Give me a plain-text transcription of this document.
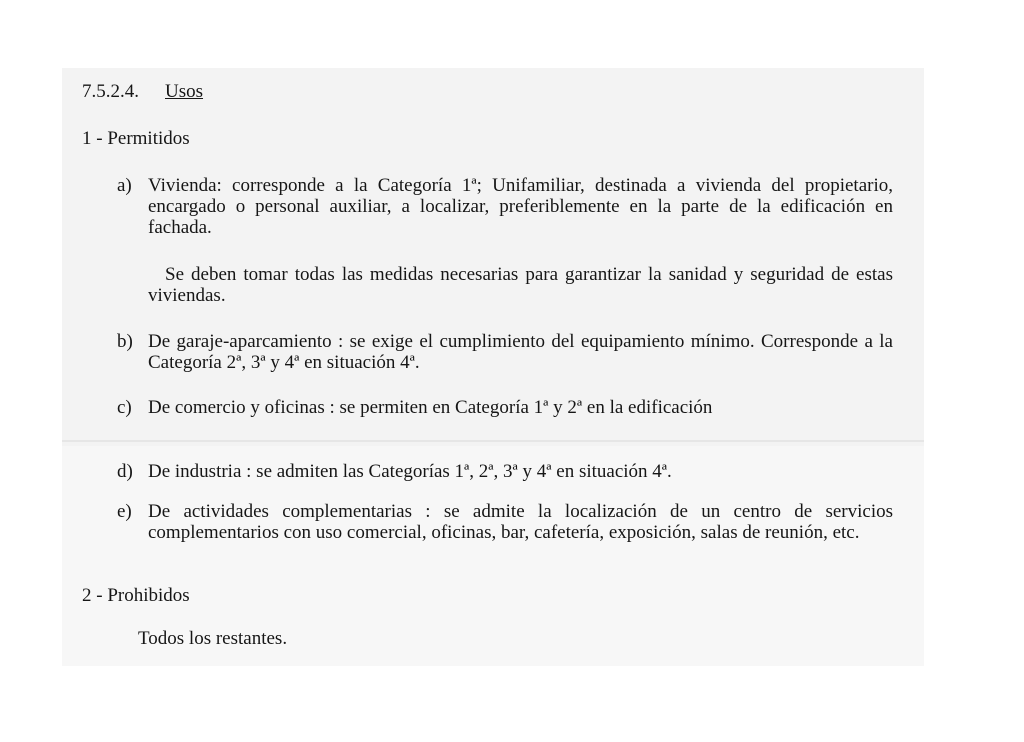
7.5.2.4. Usos
1 - Permitidos
a) Vivienda: corresponde a la Categoría 1ª; Unifamiliar, destinada a vivienda del propietario, encargado o personal auxiliar, a localizar, preferiblemente en la parte de la edificación en fachada.

Se deben tomar todas las medidas necesarias para garantizar la sanidad y seguridad de estas viviendas.

b) De garaje-aparcamiento : se exige el cumplimiento del equipamiento mínimo. Corresponde a la Categoría 2ª, 3ª y 4ª en situación 4ª.

c) De comercio y oficinas : se permiten en Categoría 1ª y 2ª en la edificación

d) De industria : se admiten las Categorías 1ª, 2ª, 3ª y 4ª en situación 4ª.

e) De actividades complementarias : se admite la localización de un centro de servicios complementarios con uso comercial, oficinas, bar, cafetería, exposición, salas de reunión, etc.

2 - Prohibidos
Todos los restantes.
